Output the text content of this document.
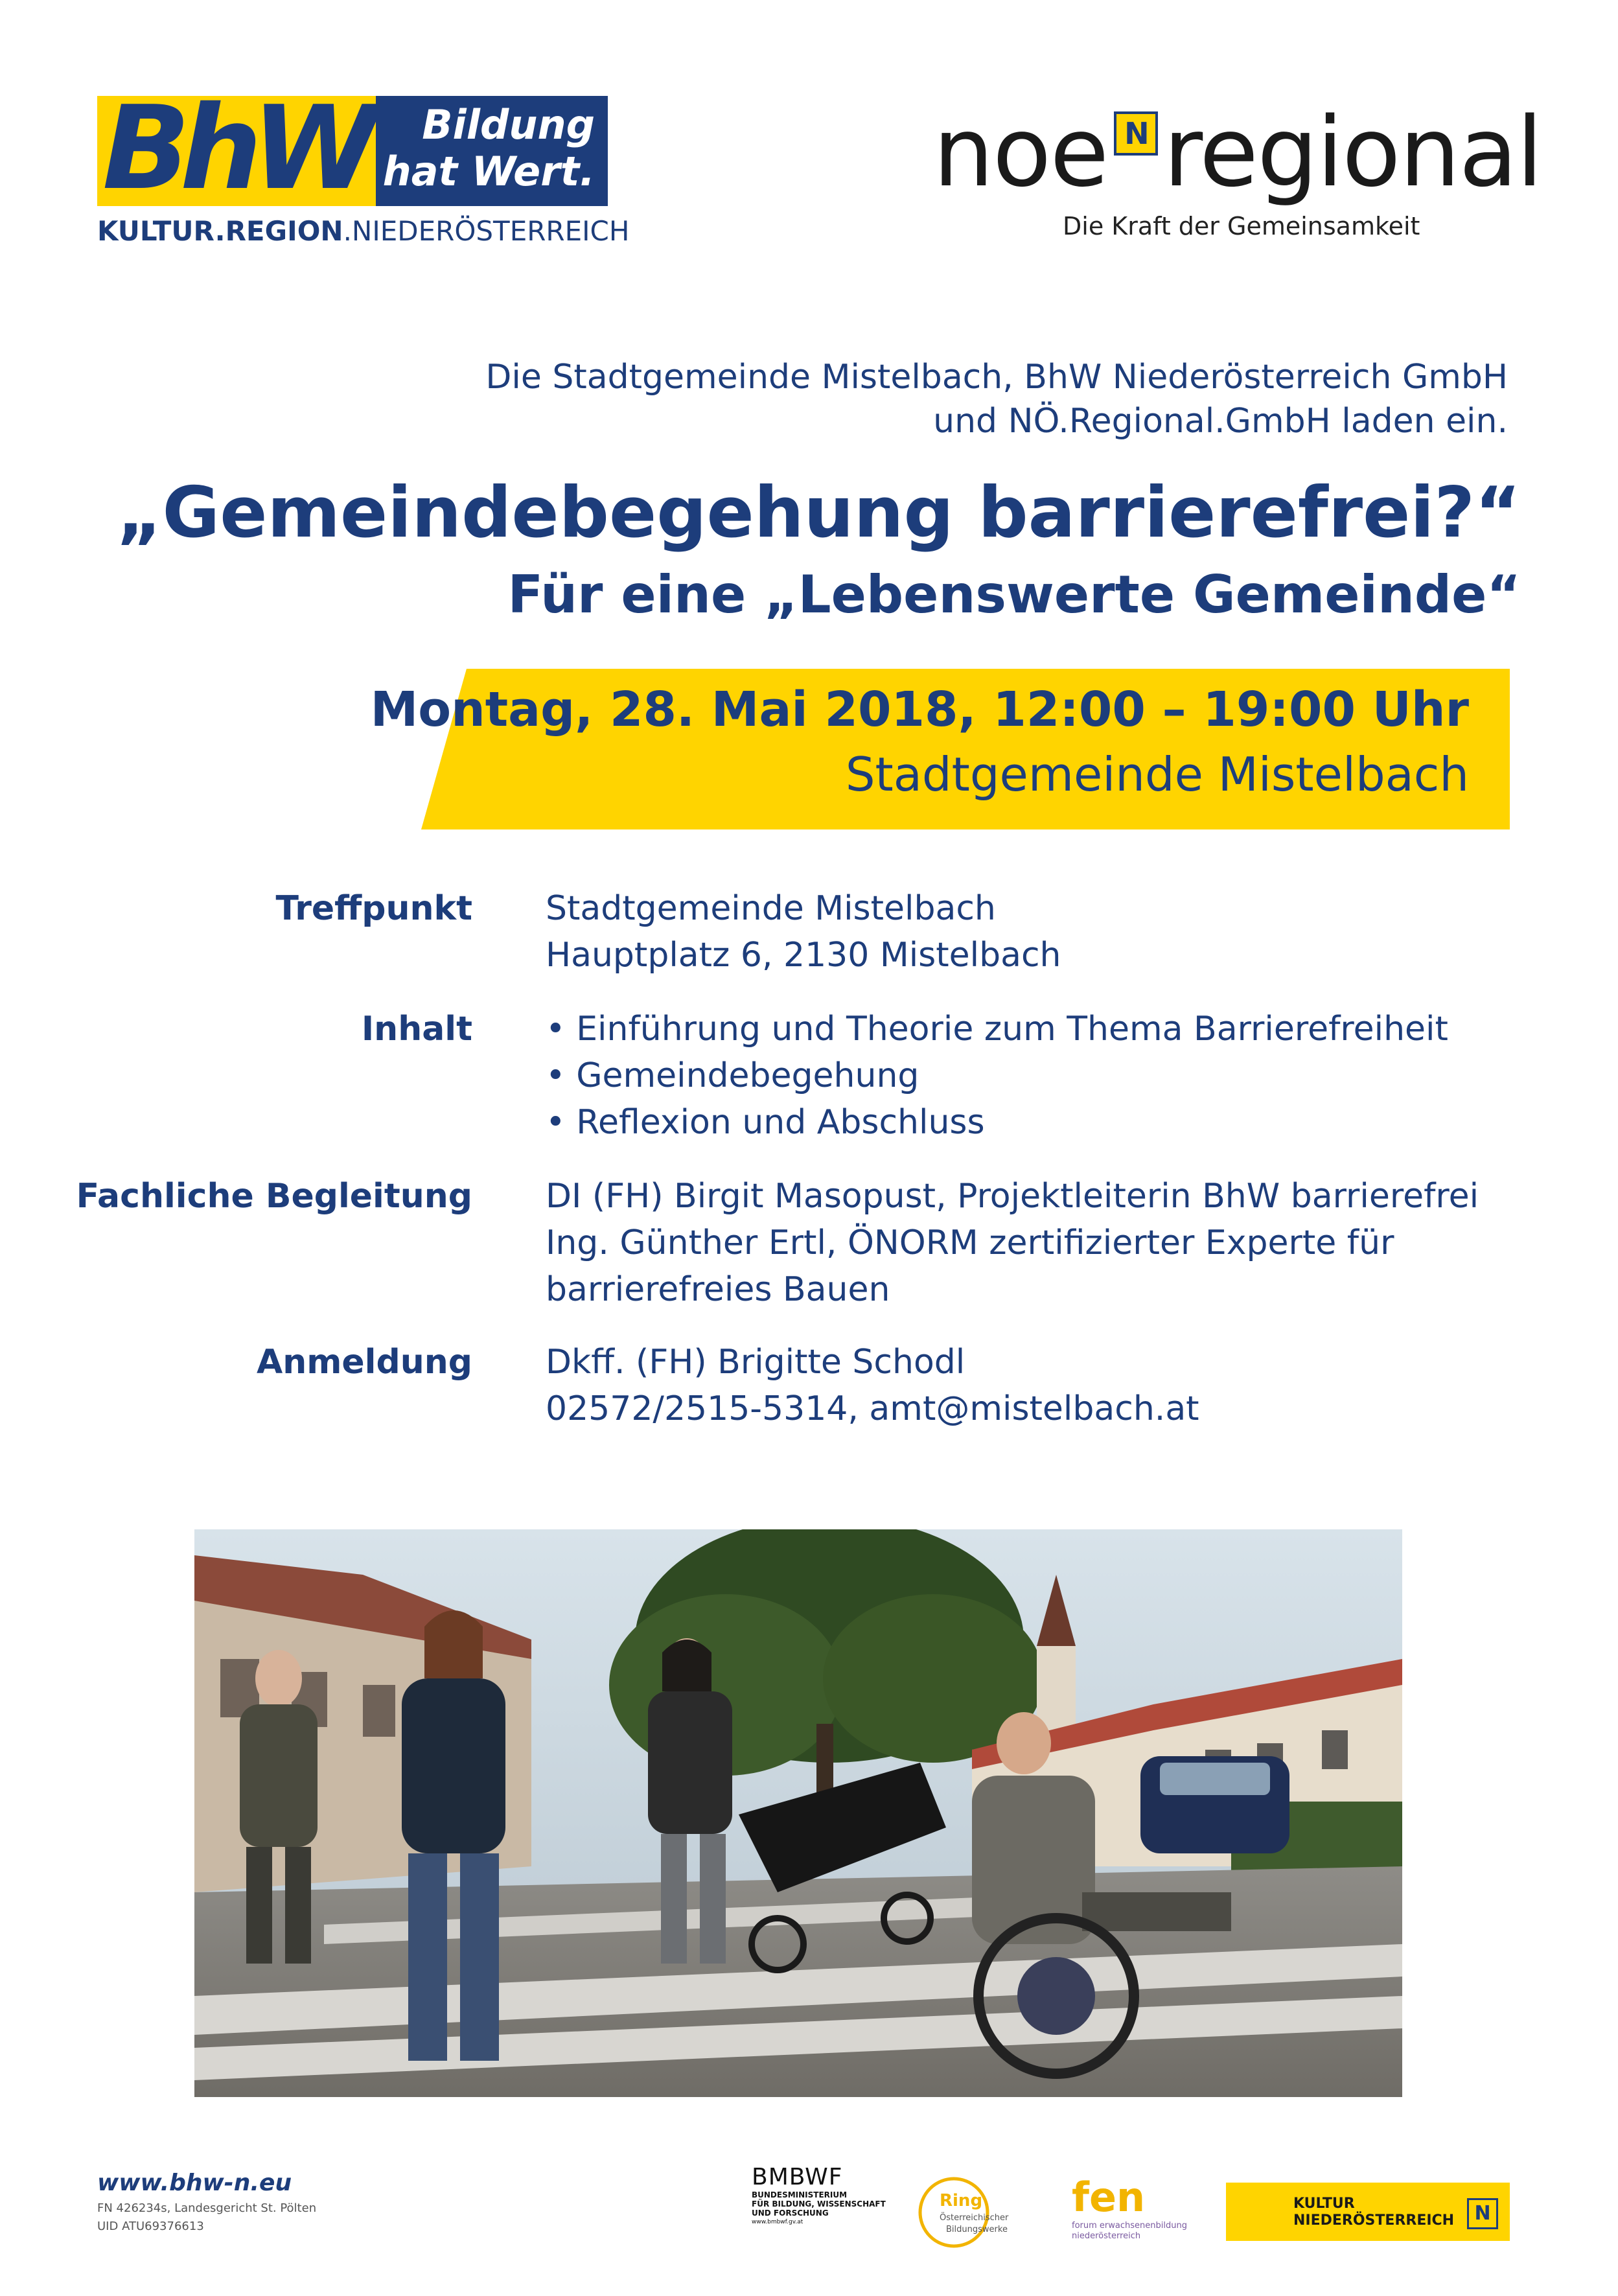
BhW Bildung
hat Wert.
KULTUR.REGION.NIEDERÖSTERREICH
noe N regional
Die Kraft der Gemeinsamkeit
Die Stadtgemeinde Mistelbach, BhW Niederösterreich GmbH
und NÖ.Regional.GmbH laden ein.
„Gemeindebegehung barrierefrei?“
Für eine „Lebenswerte Gemeinde“
Montag, 28. Mai 2018, 12:00 – 19:00 Uhr
Stadtgemeinde Mistelbach
Treffpunkt Stadtgemeinde Mistelbach
Hauptplatz 6, 2130 Mistelbach
Inhalt • Einführung und Theorie zum Thema Barrierefreiheit
• Gemeindebegehung
• Reflexion und Abschluss
Fachliche Begleitung DI (FH) Birgit Masopust, Projektleiterin BhW barrierefrei
Ing. Günther Ertl, ÖNORM zertifizierter Experte für
barrierefreies Bauen
Anmeldung Dkff. (FH) Brigitte Schodl
02572/2515-5314, amt@mistelbach.at
www.bhw-n.eu
FN 426234s, Landesgericht St. Pölten
UID ATU69376613
BMBWF
BUNDESMINISTERIUM
FÜR BILDUNG, WISSENSCHAFT
UND FORSCHUNG
www.bmbwf.gv.at
Ring
Österreichischer
Bildungswerke
fen
forum erwachsenenbildung
niederösterreich
KULTUR
NIEDERÖSTERREICH	N
